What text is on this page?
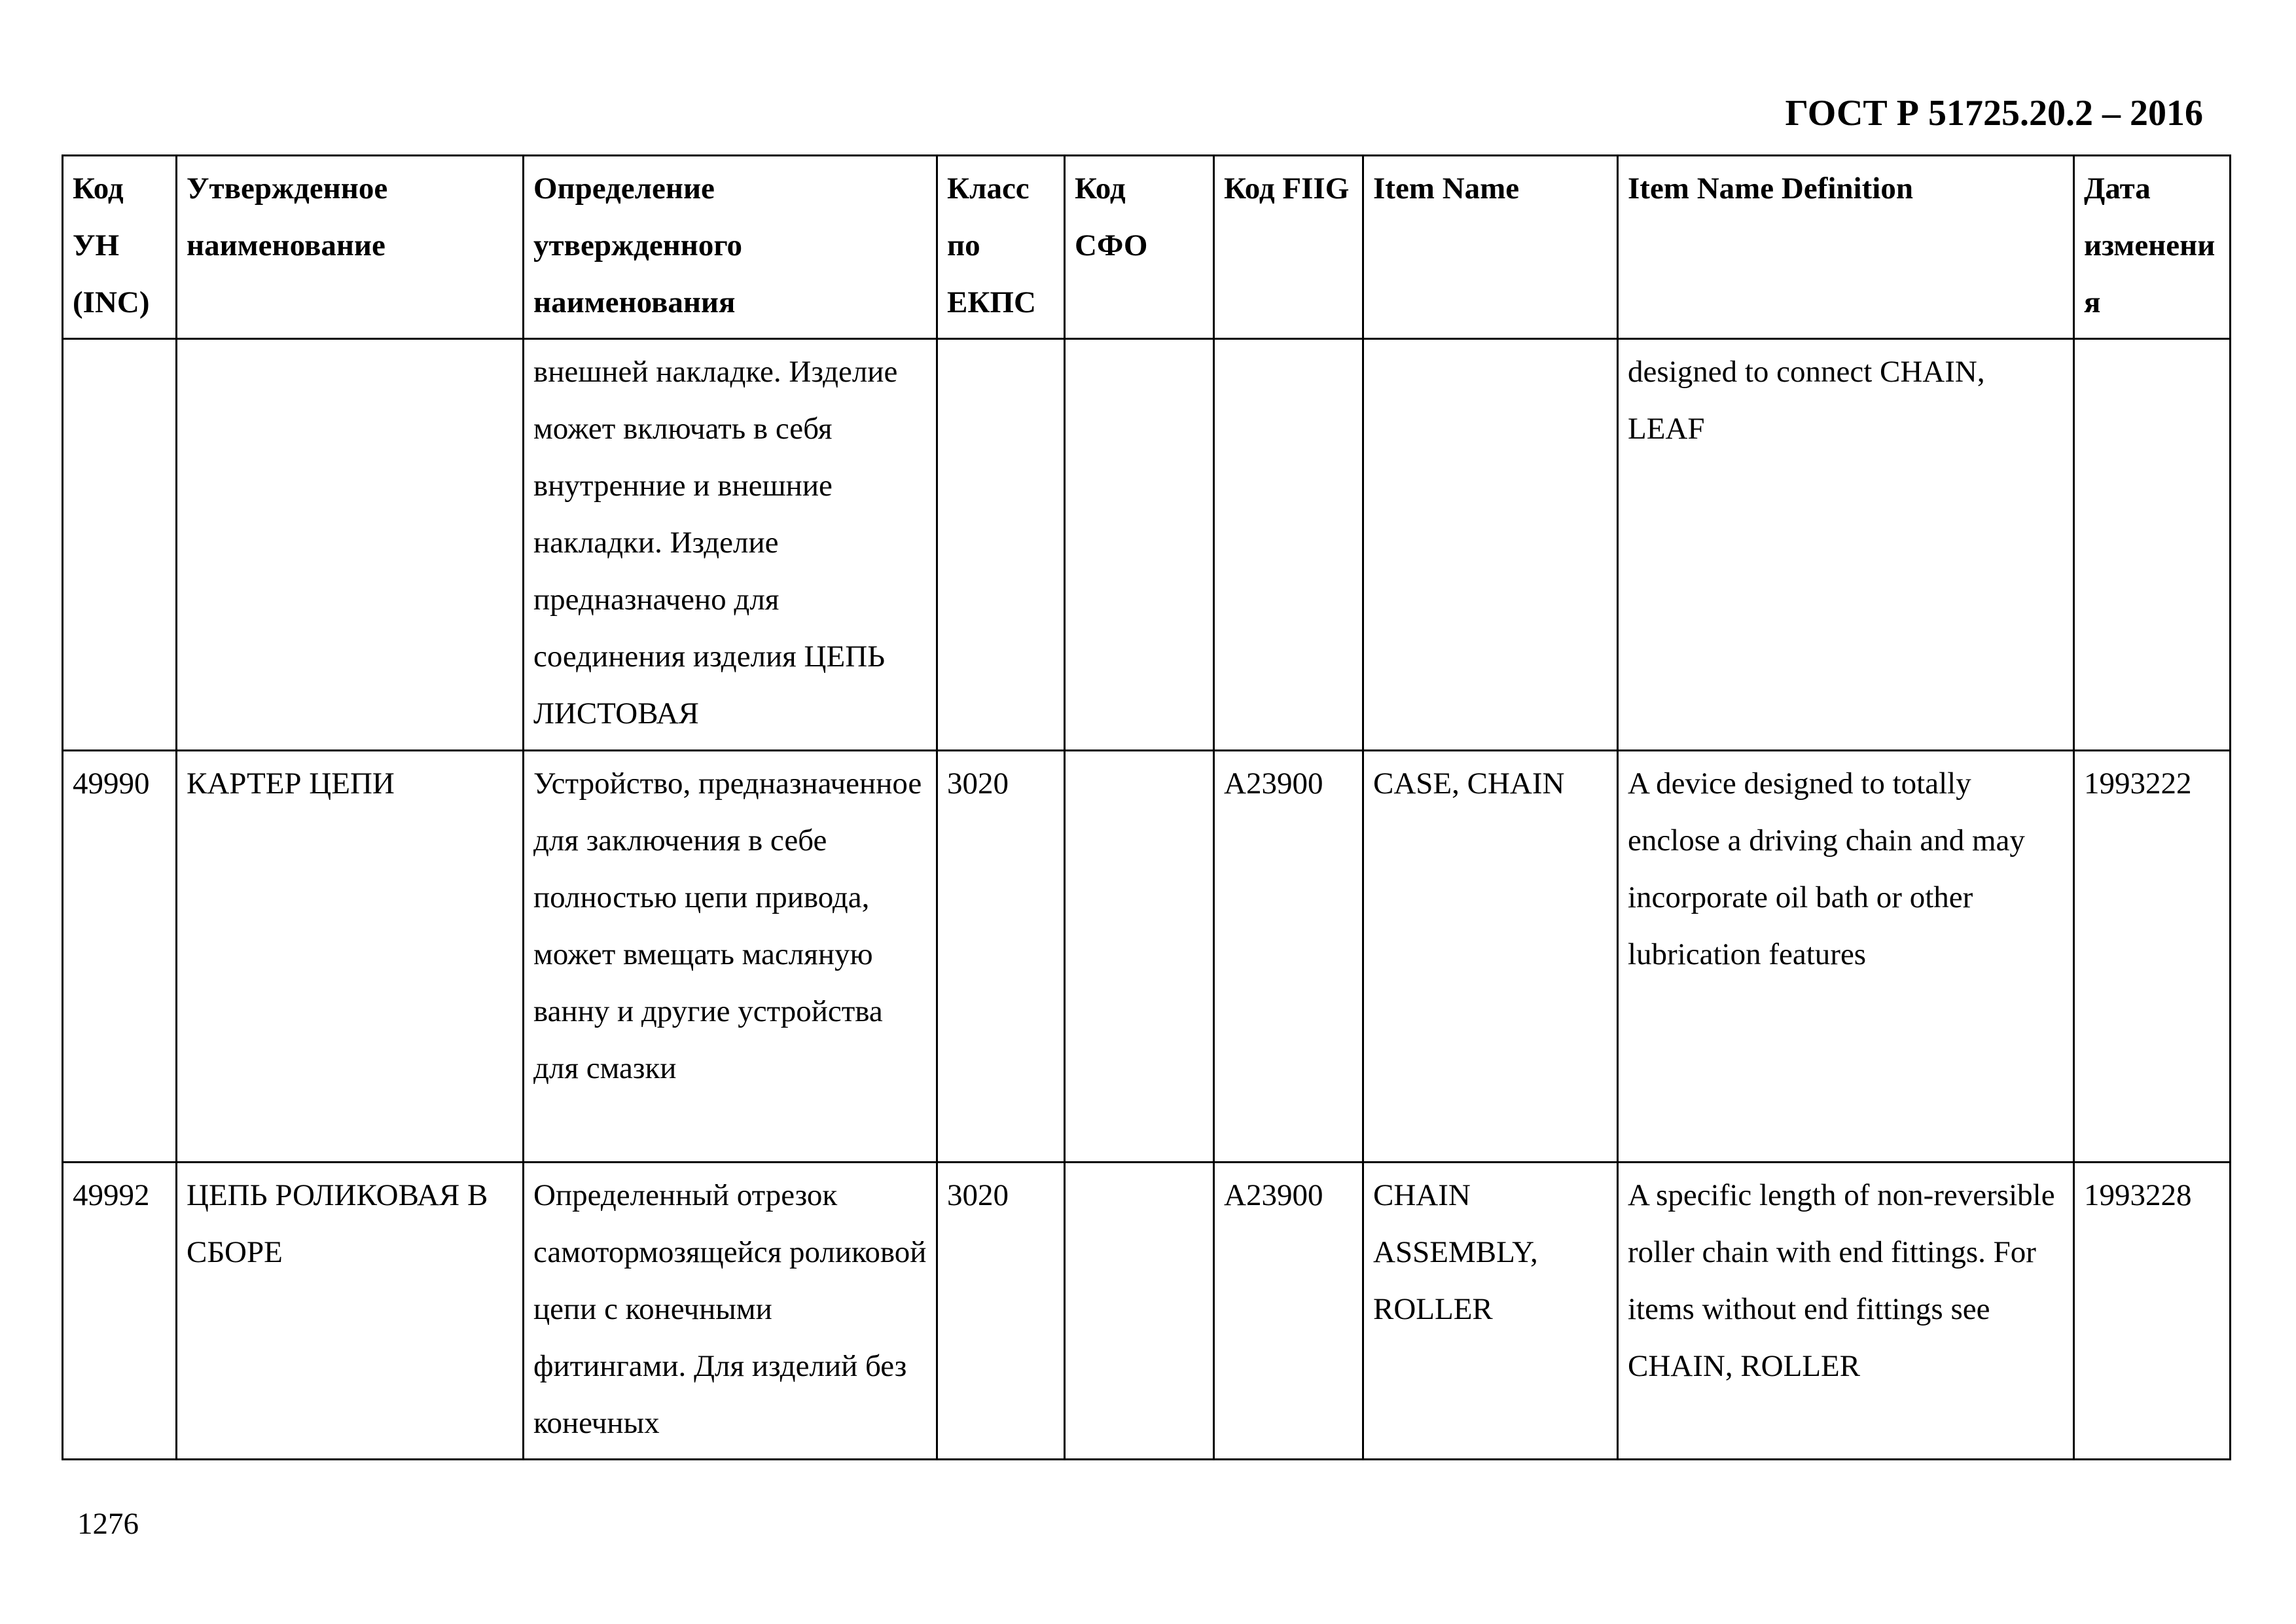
ГОСТ Р 51725.20.2 – 2016
Код УН (INC)	Утвержденное наименование	Определение утвержденного наименования	Класс по ЕКПС	Код СФО	Код FIIG	Item Name	Item Name Definition	Дата изменения
		внешней накладке. Изделие может включать в себя внутренние и внешние накладки. Изделие предназначено для соединения изделия ЦЕПЬ ЛИСТОВАЯ					designed to connect CHAIN, LEAF	
49990	КАРТЕР ЦЕПИ	Устройство, предназначенное для заключения в себе полностью цепи привода, может вмещать масляную ванну и другие устройства для смазки	3020		A23900	CASE, CHAIN	A device designed to totally enclose a driving chain and may incorporate oil bath or other lubrication features	1993222
49992	ЦЕПЬ РОЛИКОВАЯ В СБОРЕ	Определенный отрезок самотормозящейся роликовой цепи с конечными фитингами. Для изделий без конечных	3020		A23900	CHAIN ASSEMBLY, ROLLER	A specific length of non-reversible roller chain with end fittings. For items without end fittings see CHAIN, ROLLER	1993228
1276
